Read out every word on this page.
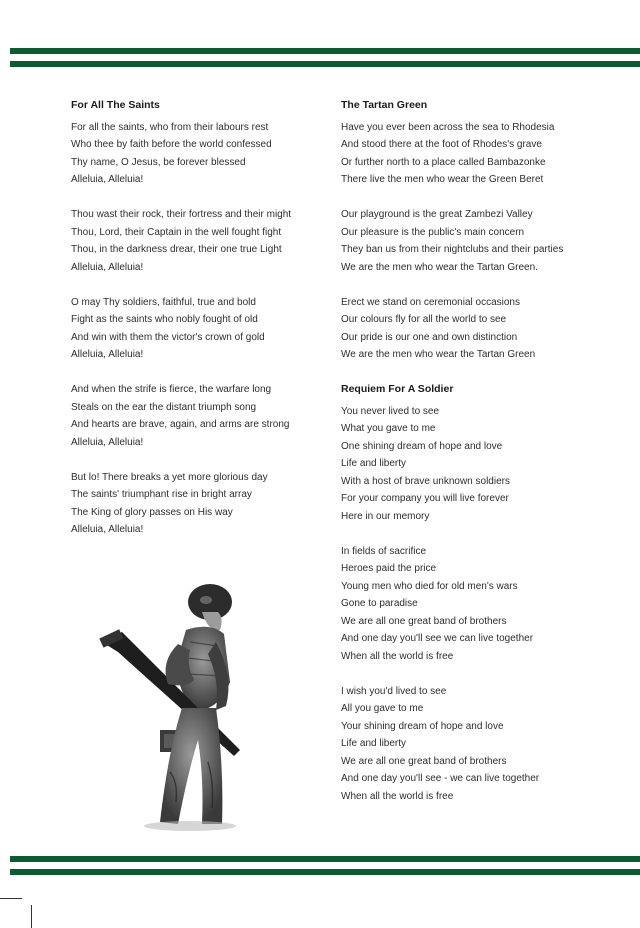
For All The Saints
For all the saints, who from their labours rest
Who thee by faith before the world confessed
Thy name, O Jesus, be forever blessed
Alleluia, Alleluia!
Thou wast their rock, their fortress and their might
Thou, Lord, their Captain in the well fought fight
Thou, in the darkness drear, their one true Light
Alleluia, Alleluia!
O may Thy soldiers, faithful, true and bold
Fight as the saints who nobly fought of old
And win with them the victor's crown of gold
Alleluia, Alleluia!
And when the strife is fierce, the warfare long
Steals on the ear the distant triumph song
And hearts are brave, again, and arms are strong
Alleluia, Alleluia!
But lo! There breaks a yet more glorious day
The saints' triumphant rise in bright array
The King of glory passes on His way
Alleluia, Alleluia!
The Tartan Green
Have you ever been across the sea to Rhodesia
And stood there at the foot of Rhodes's grave
Or further north to a place called Bambazonke
There live the men who wear the Green Beret
Our playground is the great Zambezi Valley
Our pleasure is the public's main concern
They ban us from their nightclubs and their parties
We are the men who wear the Tartan Green.
Erect we stand on ceremonial occasions
Our colours fly for all the world to see
Our pride is our one and own distinction
We are the men who wear the Tartan Green
Requiem For A Soldier
You never lived to see
What you gave to me
One shining dream of hope and love
Life and liberty
With a host of brave unknown soldiers
For your company you will live forever
Here in our memory
In fields of sacrifice
Heroes paid the price
Young men who died for old men's wars
Gone to paradise
We are all one great band of brothers
And one day you'll see we can live together
When all the world is free
I wish you'd lived to see
All you gave to me
Your shining dream of hope and love
Life and liberty
We are all one great band of brothers
And one day you'll see - we can live together
When all the world is free
